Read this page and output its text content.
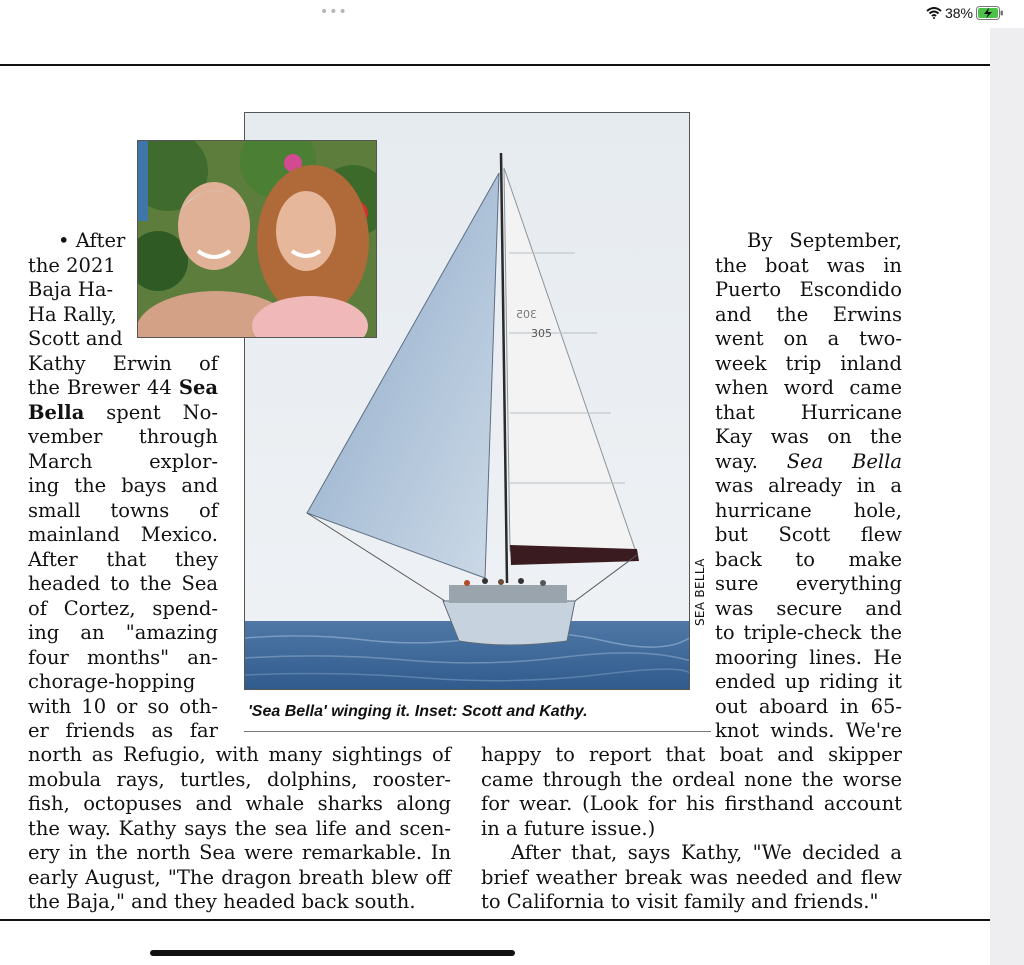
•••	38%
305
305
SEA BELLA
'Sea Bella' winging it. Inset: Scott and Kathy.
• After
the 2021
Baja Ha-
Ha Rally,
Scott and
Kathy Erwin of
the Brewer 44 Sea
Bella spent No-
vember through
March explor-
ing the bays and
small towns of
mainland Mexico.
After that they
headed to the Sea
of Cortez, spend-
ing an "amazing
four months" an-
chorage-hopping
with 10 or so oth-
er friends as far
north as Refugio, with many sightings of
mobula rays, turtles, dolphins, rooster-
fish, octopuses and whale sharks along
the way. Kathy says the sea life and scen-
ery in the north Sea were remarkable. In
early August, "The dragon breath blew off
the Baja," and they headed back south.
By September,
the boat was in
Puerto Escondido
and the Erwins
went on a two-
week trip inland
when word came
that Hurricane
Kay was on the
way. Sea Bella
was already in a
hurricane hole,
but Scott flew
back to make
sure everything
was secure and
to triple-check the
mooring lines. He
ended up riding it
out aboard in 65-
knot winds. We're
happy to report that boat and skipper
came through the ordeal none the worse
for wear. (Look for his firsthand account
in a future issue.)
After that, says Kathy, "We decided a
brief weather break was needed and flew
to California to visit family and friends."
